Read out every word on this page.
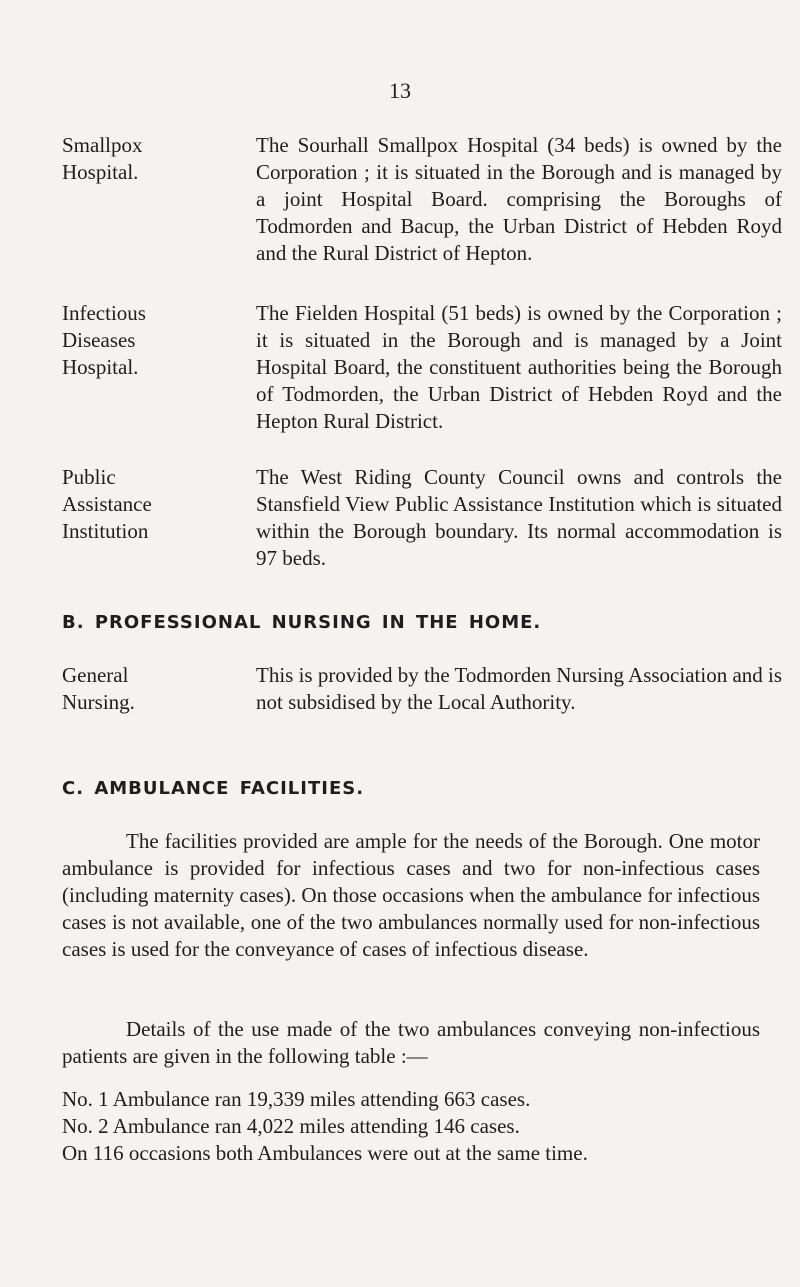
13
Smallpox
Hospital.
The Sourhall Smallpox Hospital (34 beds) is owned by the Corporation ; it is situated in the Borough and is managed by a joint Hospital Board. comprising the Boroughs of Todmorden and Bacup, the Urban District of Hebden Royd and the Rural District of Hepton.
Infectious
Diseases
Hospital.
The Fielden Hospital (51 beds) is owned by the Corporation ; it is situated in the Borough and is managed by a Joint Hospital Board, the constituent authorities being the Borough of Todmorden, the Urban District of Hebden Royd and the Hepton Rural District.
Public
Assistance
Institution
The West Riding County Council owns and controls the Stansfield View Public Assistance Institution which is situated within the Borough boundary. Its normal accommodation is 97 beds.
B. PROFESSIONAL NURSING IN THE HOME.
General
Nursing.
This is provided by the Todmorden Nursing Association and is not subsidised by the Local Authority.
C. AMBULANCE FACILITIES.
The facilities provided are ample for the needs of the Borough. One motor ambulance is provided for infectious cases and two for non-infectious cases (including maternity cases). On those occasions when the ambulance for infectious cases is not available, one of the two ambulances normally used for non-infectious cases is used for the conveyance of cases of infectious disease.
Details of the use made of the two ambulances conveying non-infectious patients are given in the following table :—
No. 1 Ambulance ran 19,339 miles attending 663 cases.
No. 2 Ambulance ran 4,022 miles attending 146 cases.
On 116 occasions both Ambulances were out at the same time.
